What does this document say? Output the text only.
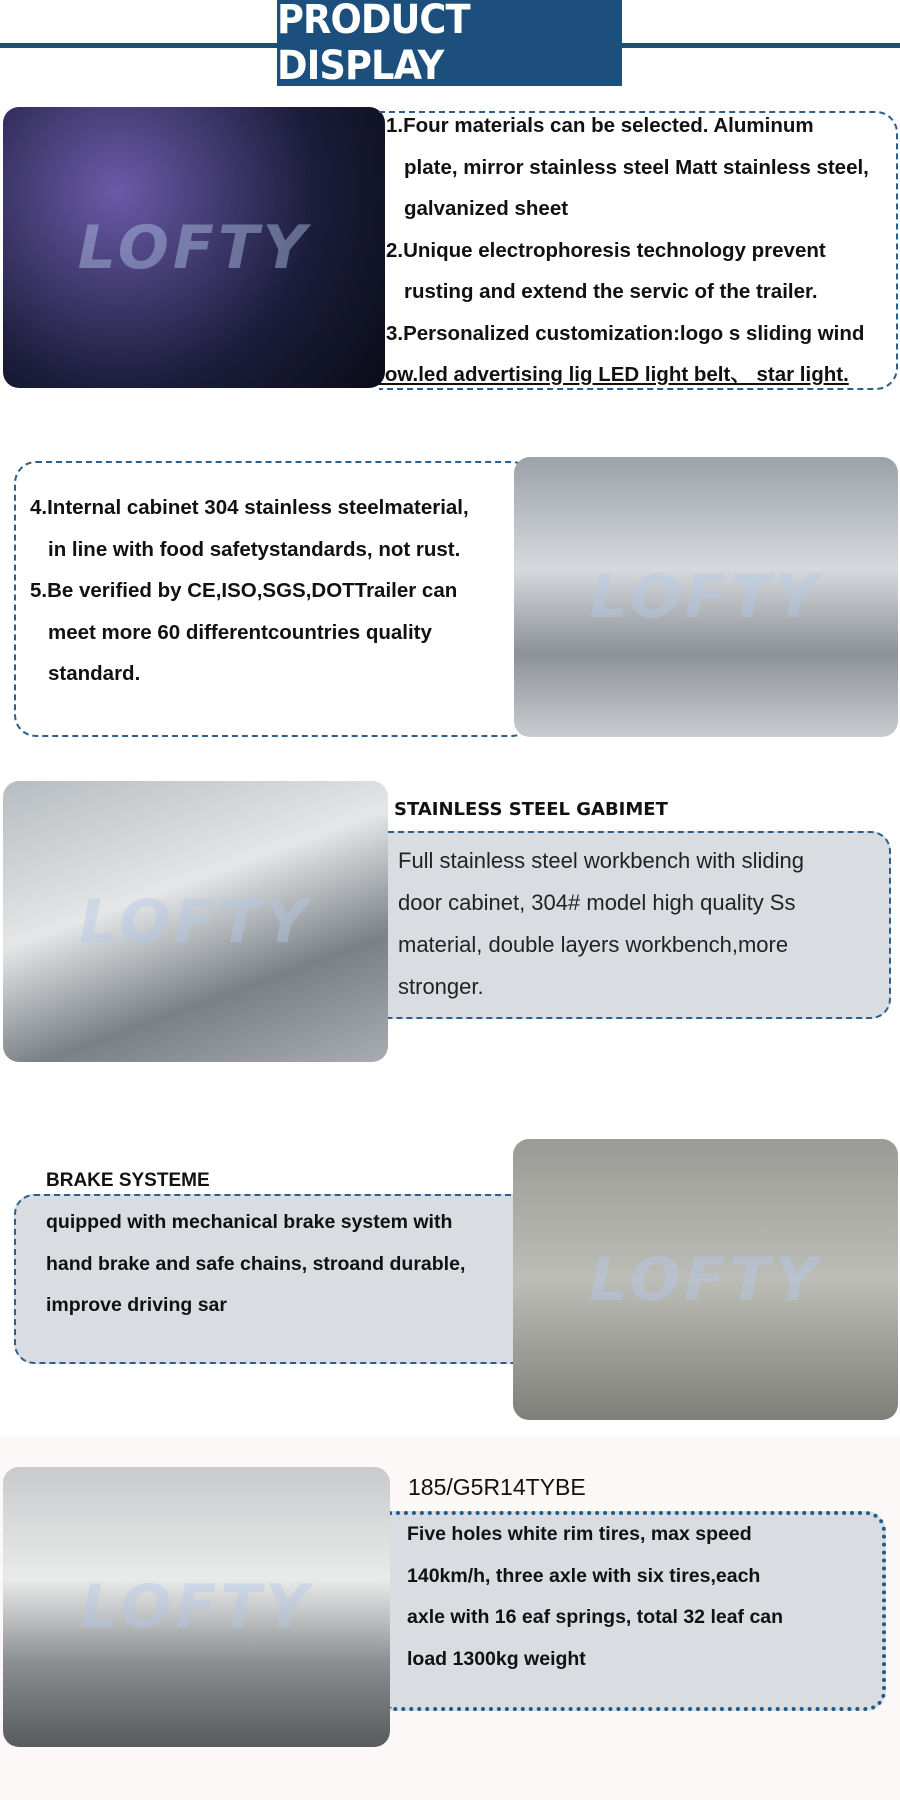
PRODUCT DISPLAY
LOFTY
1.Four materials can be selected. Aluminum
plate, mirror stainless steel Matt stainless steel,
galvanized sheet
2.Unique electrophoresis technology prevent
rusting and extend the servic of the trailer.
3.Personalized customization:logo s sliding wind
-ow.led advertising lig LED light belt、 star light.
LOFTY
4.Internal cabinet 304 stainless steelmaterial,
in line with food safetystandards, not rust.
5.Be verified by CE,ISO,SGS,DOTTrailer can
meet more 60 differentcountries quality
standard.
LOFTY
STAINLESS STEEL GABIMET
Full stainless steel workbench with sliding
door cabinet, 304# model high quality Ss
material, double layers workbench,more
stronger.
BRAKE SYSTEME
quipped with mechanical brake system with
hand brake and safe chains, stroand durable,
improve driving sar	LOFTY
LOFTY
185/G5R14TYBE
Five holes white rim tires, max speed
140km/h, three axle with six tires,each
axle with 16 eaf springs, total 32 leaf can
load 1300kg weight
